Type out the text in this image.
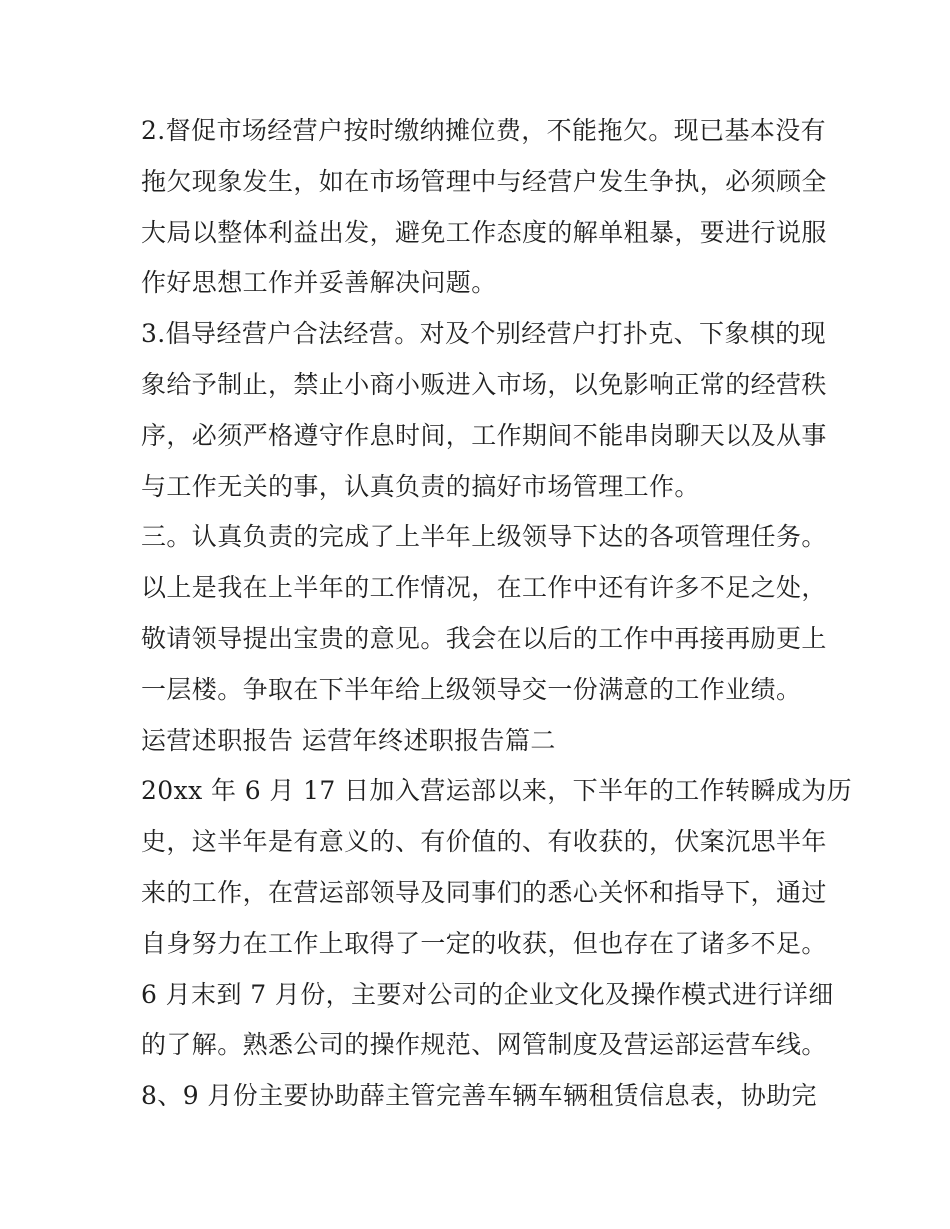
2.督促市场经营户按时缴纳摊位费，不能拖欠。现已基本没有
拖欠现象发生，如在市场管理中与经营户发生争执，必须顾全
大局以整体利益出发，避免工作态度的解单粗暴，要进行说服
作好思想工作并妥善解决问题。
3.倡导经营户合法经营。对及个别经营户打扑克、下象棋的现
象给予制止，禁止小商小贩进入市场，以免影响正常的经营秩
序，必须严格遵守作息时间，工作期间不能串岗聊天以及从事
与工作无关的事，认真负责的搞好市场管理工作。
三。认真负责的完成了上半年上级领导下达的各项管理任务。
以上是我在上半年的工作情况，在工作中还有许多不足之处，
敬请领导提出宝贵的意见。我会在以后的工作中再接再励更上
一层楼。争取在下半年给上级领导交一份满意的工作业绩。
运营述职报告 运营年终述职报告篇二
20xx 年 6 月 17 日加入营运部以来，下半年的工作转瞬成为历
史，这半年是有意义的、有价值的、有收获的，伏案沉思半年
来的工作，在营运部领导及同事们的悉心关怀和指导下，通过
自身努力在工作上取得了一定的收获，但也存在了诸多不足。
6 月末到 7 月份，主要对公司的企业文化及操作模式进行详细
的了解。熟悉公司的操作规范、网管制度及营运部运营车线。
8、9 月份主要协助薛主管完善车辆车辆租赁信息表，协助完
